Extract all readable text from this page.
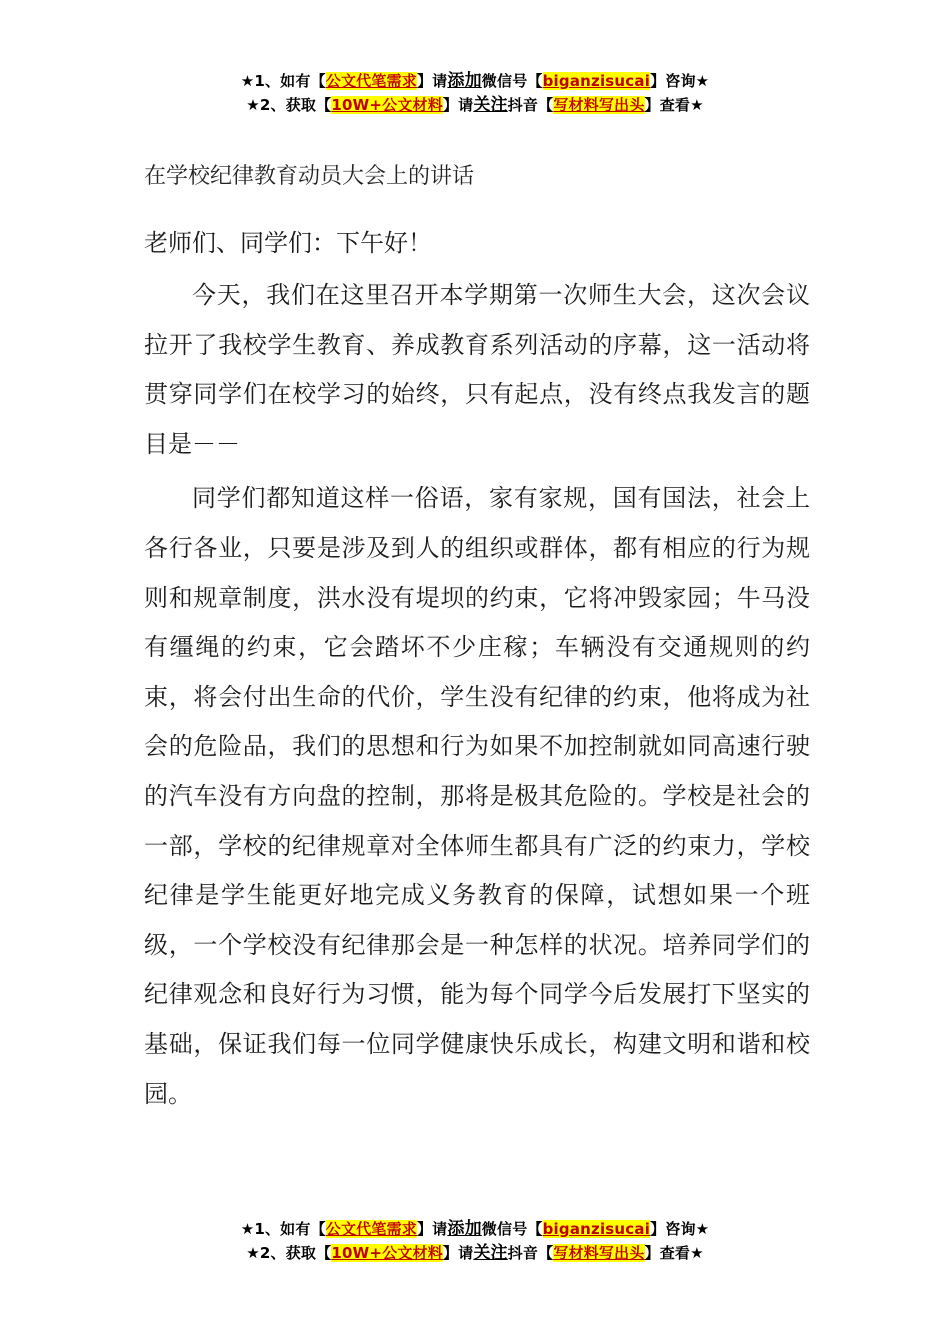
★1、如有【公文代笔需求】请添加微信号【biganzisucai】咨询★
★2、获取【10W+公文材料】请关注抖音【写材料写出头】查看★
在学校纪律教育动员大会上的讲话
老师们、同学们：下午好！

今天，我们在这里召开本学期第一次师生大会，这次会议拉开了我校学生教育、养成教育系列活动的序幕，这一活动将贯穿同学们在校学习的始终，只有起点，没有终点我发言的题目是－－

同学们都知道这样一俗语，家有家规，国有国法，社会上各行各业，只要是涉及到人的组织或群体，都有相应的行为规则和规章制度，洪水没有堤坝的约束，它将冲毁家园；牛马没有缰绳的约束，它会踏坏不少庄稼；车辆没有交通规则的约束，将会付出生命的代价，学生没有纪律的约束，他将成为社会的危险品，我们的思想和行为如果不加控制就如同高速行驶的汽车没有方向盘的控制，那将是极其危险的。学校是社会的一部，学校的纪律规章对全体师生都具有广泛的约束力，学校纪律是学生能更好地完成义务教育的保障，试想如果一个班级，一个学校没有纪律那会是一种怎样的状况。培养同学们的纪律观念和良好行为习惯，能为每个同学今后发展打下坚实的基础，保证我们每一位同学健康快乐成长，构建文明和谐和校园。

★1、如有【公文代笔需求】请添加微信号【biganzisucai】咨询★
★2、获取【10W+公文材料】请关注抖音【写材料写出头】查看★
